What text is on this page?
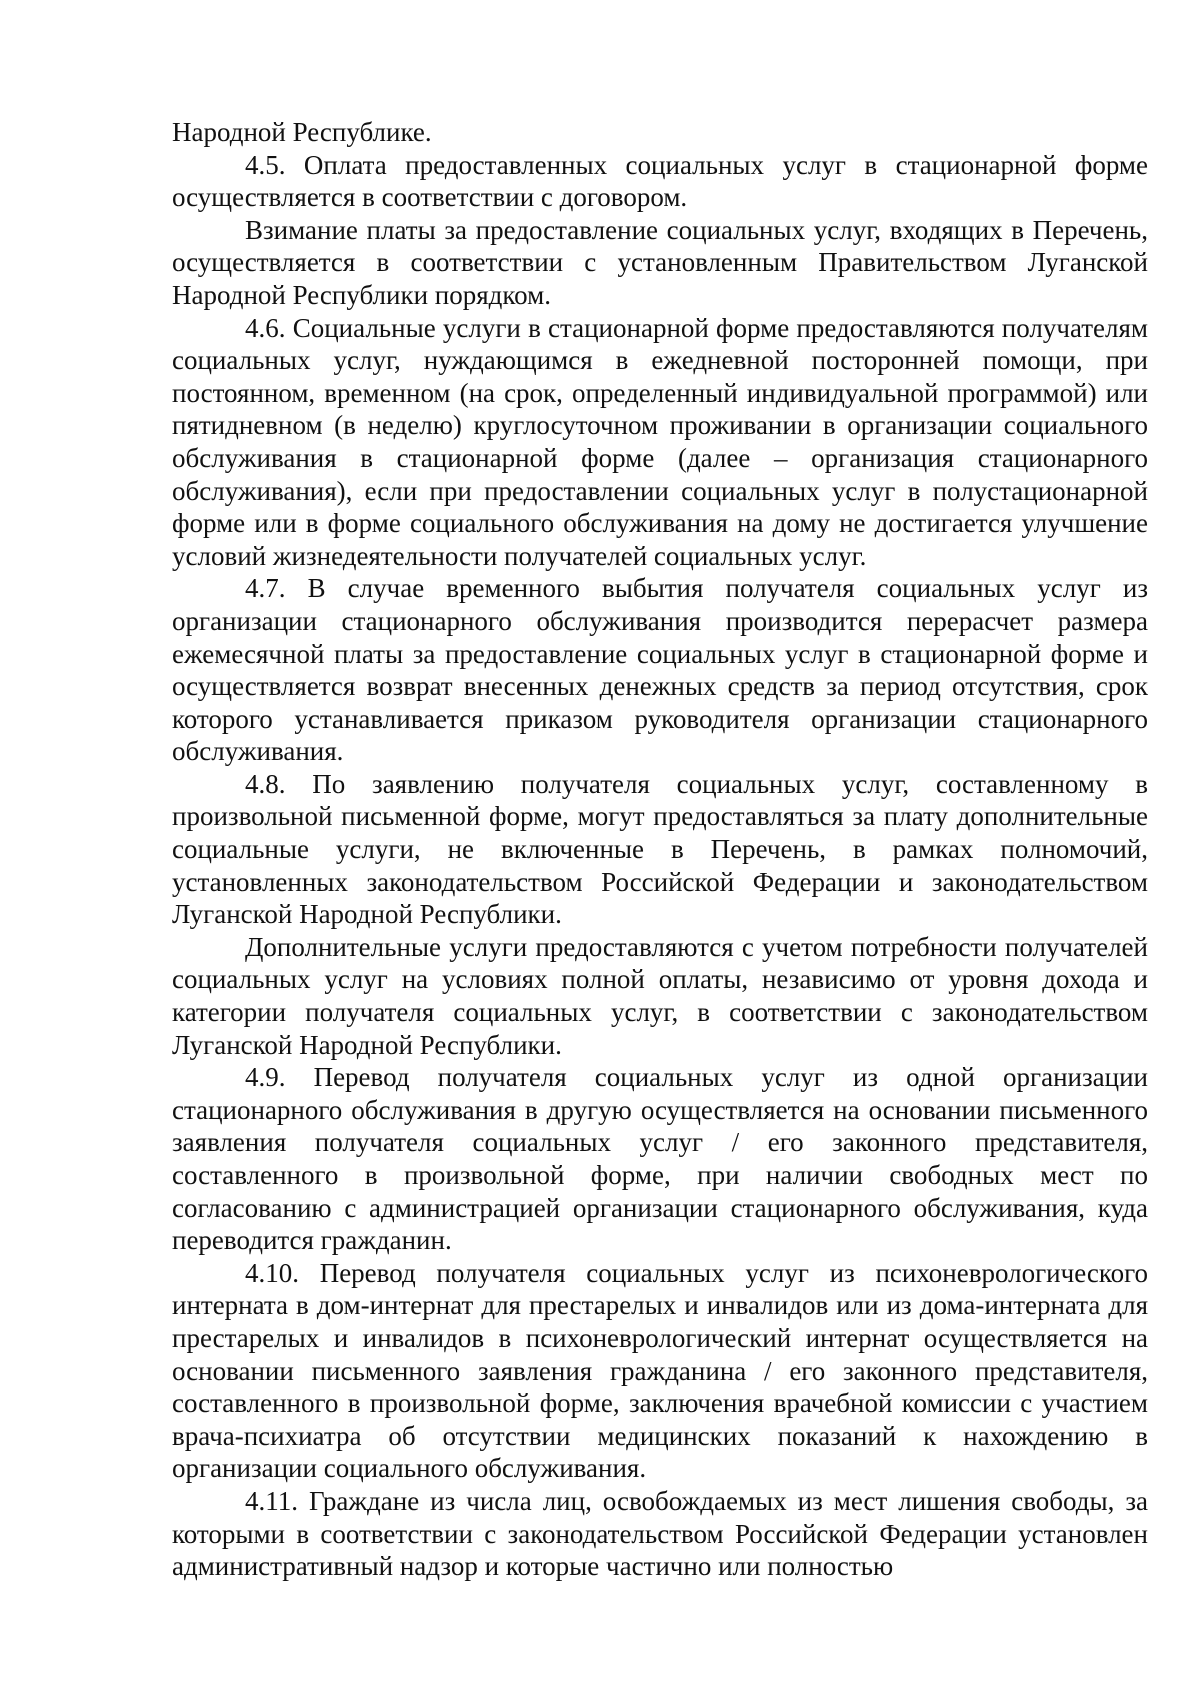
Народной Республике.

4.5. Оплата предоставленных социальных услуг в стационарной форме осуществляется в соответствии с договором.

Взимание платы за предоставление социальных услуг, входящих в Перечень, осуществляется в соответствии с установленным Правительством Луганской Народной Республики порядком.

4.6. Социальные услуги в стационарной форме предоставляются получателям социальных услуг, нуждающимся в ежедневной посторонней помощи, при постоянном, временном (на срок, определенный индивидуальной программой) или пятидневном (в неделю) круглосуточном проживании в организации социального обслуживания в стационарной форме (далее – организация стационарного обслуживания), если при предоставлении социальных услуг в полустационарной форме или в форме социального обслуживания на дому не достигается улучшение условий жизнедеятельности получателей социальных услуг.

4.7. В случае временного выбытия получателя социальных услуг из организации стационарного обслуживания производится перерасчет размера ежемесячной платы за предоставление социальных услуг в стационарной форме и осуществляется возврат внесенных денежных средств за период отсутствия, срок которого устанавливается приказом руководителя организации стационарного обслуживания.

4.8. По заявлению получателя социальных услуг, составленному в произвольной письменной форме, могут предоставляться за плату дополнительные социальные услуги, не включенные в Перечень, в рамках полномочий, установленных законодательством Российской Федерации и законодательством Луганской Народной Республики.

Дополнительные услуги предоставляются с учетом потребности получателей социальных услуг на условиях полной оплаты, независимо от уровня дохода и категории получателя социальных услуг, в соответствии с законодательством Луганской Народной Республики.

4.9. Перевод получателя социальных услуг из одной организации стационарного обслуживания в другую осуществляется на основании письменного заявления получателя социальных услуг / его законного представителя, составленного в произвольной форме, при наличии свободных мест по согласованию с администрацией организации стационарного обслуживания, куда переводится гражданин.

4.10. Перевод получателя социальных услуг из психоневрологического интерната в дом-интернат для престарелых и инвалидов или из дома-интерната для престарелых и инвалидов в психоневрологический интернат осуществляется на основании письменного заявления гражданина / его законного представителя, составленного в произвольной форме, заключения врачебной комиссии с участием врача-психиатра об отсутствии медицинских показаний к нахождению в организации социального обслуживания.

4.11. Граждане из числа лиц, освобождаемых из мест лишения свободы, за которыми в соответствии с законодательством Российской Федерации установлен административный надзор и которые частично или полностью
